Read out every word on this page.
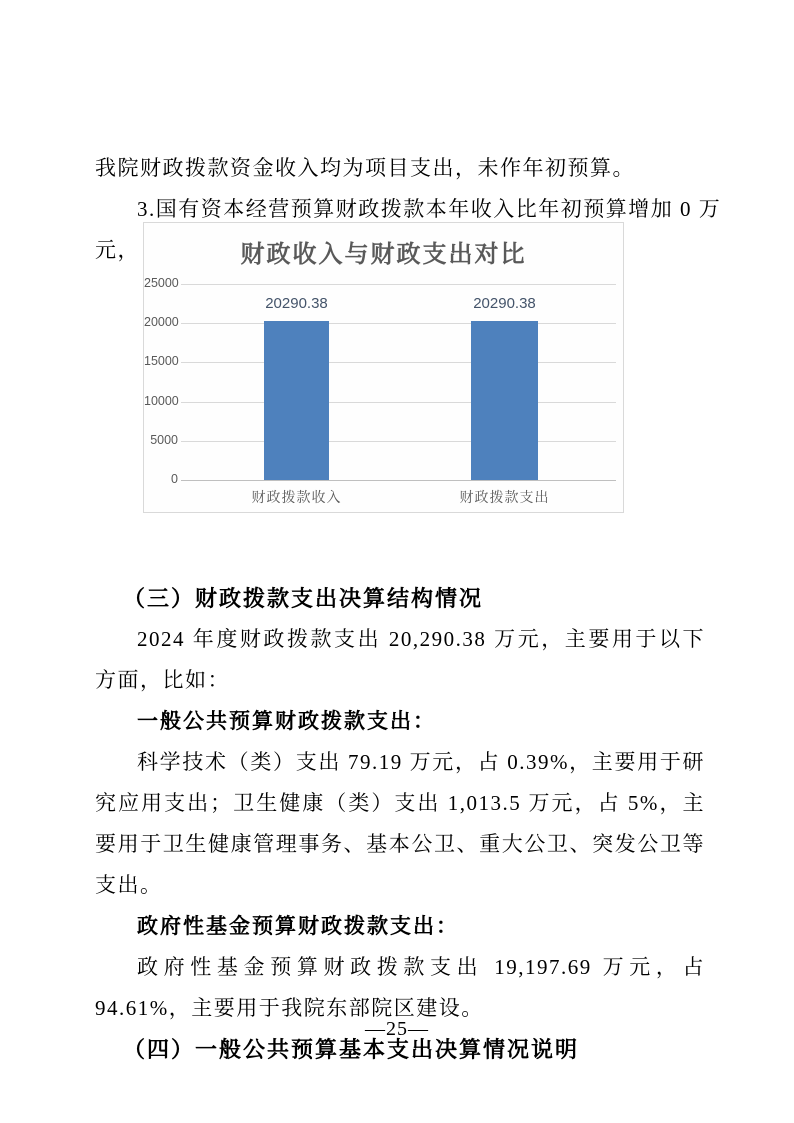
我院财政拨款资金收入均为项目支出，未作年初预算。
3.国有资本经营预算财政拨款本年收入比年初预算增加 0 万
元，
（三）财政拨款支出决算结构情况
2024 年度财政拨款支出 20,290.38 万元，主要用于以下方面，比如：
一般公共预算财政拨款支出：
科学技术（类）支出 79.19 万元，占 0.39%，主要用于研究应用支出；卫生健康（类）支出 1,013.5 万元，占 5%，主要用于卫生健康管理事务、基本公卫、重大公卫、突发公卫等支出。
政府性基金预算财政拨款支出：
政府性基金预算财政拨款支出 19,197.69 万元，占 94.61%，主要用于我院东部院区建设。
（四）一般公共预算基本支出决算情况说明
财政收入与财政支出对比
0
5000
10000
15000
20000
25000
20290.38
财政拨款收入
20290.38
财政拨款支出
—25—
